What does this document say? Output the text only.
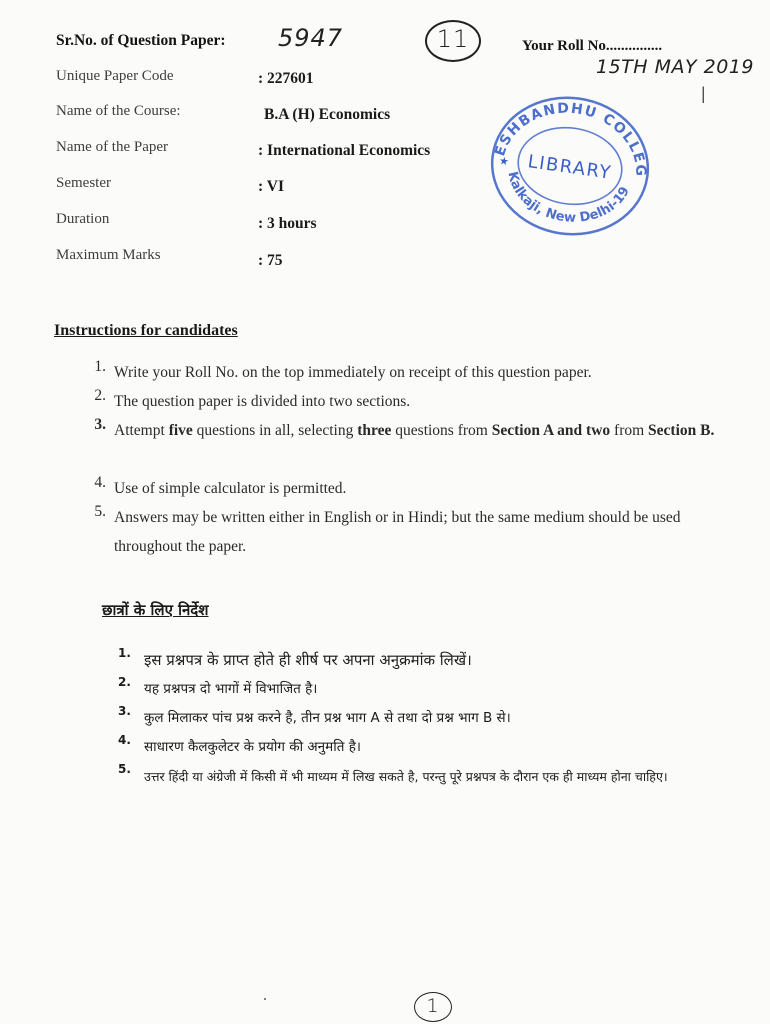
Sr.No. of Question Paper: 5947	11	Your Roll No...............
15TH MAY 2019
I
Unique Paper Code	: 227601
Name of the Course:	B.A (H) Economics
Name of the Paper	: International Economics
Semester	: VI
Duration	: 3 hours
Maximum Marks	: 75
DESHBANDHU COLLEGE
Kalkaji, New Delhi-19
LIBRARY
★
Instructions for candidates
1. Write your Roll No. on the top immediately on receipt of this question paper.
2. The question paper is divided into two sections.
3. Attempt five questions in all, selecting three questions from Section A and two from Section B.
4. Use of simple calculator is permitted.
5. Answers may be written either in English or in Hindi; but the same medium should be used throughout the paper.
छात्रों के लिए निर्देश
1. इस प्रश्नपत्र के प्राप्त होते ही शीर्ष पर अपना अनुक्रमांक लिखें।
2. यह प्रश्नपत्र दो भागों में विभाजित है।
3. कुल मिलाकर पांच प्रश्न करने है, तीन प्रश्न भाग A से तथा दो प्रश्न भाग B से।
4. साधारण कैलकुलेटर के प्रयोग की अनुमति है।
5. उत्तर हिंदी या अंग्रेजी में किसी में भी माध्यम में लिख सकते है, परन्तु पूरे प्रश्नपत्र के दौरान एक ही माध्यम होना चाहिए।
1
